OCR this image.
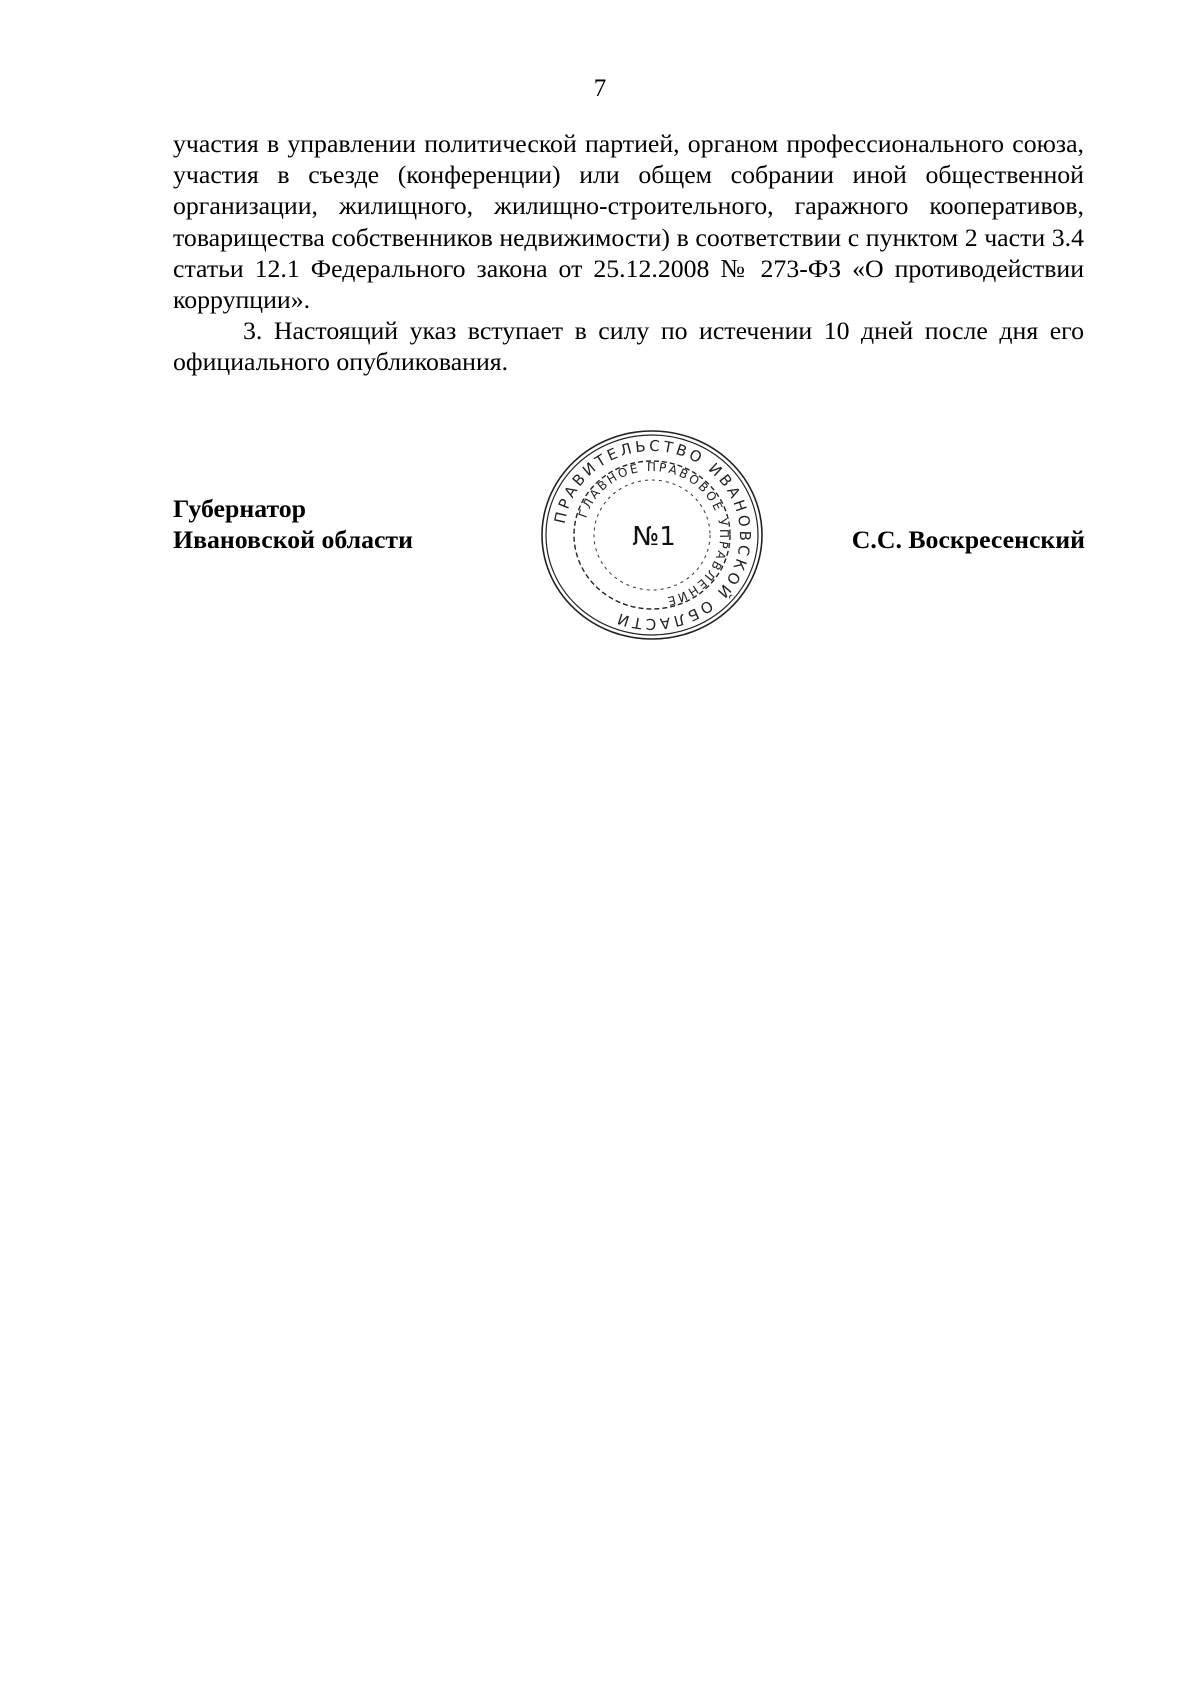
7

участия в управлении политической партией, органом профессионального союза, участия в съезде (конференции) или общем собрании иной общественной организации, жилищного, жилищно-строительного, гаражного кооперативов, товарищества собственников недвижимости) в соответствии с пунктом 2 части 3.4 статьи 12.1 Федерального закона от 25.12.2008 № 273-ФЗ «О противодействии коррупции».

3. Настоящий указ вступает в силу по истечении 10 дней после дня его официального опубликования.

Губернатор
Ивановской области
ПРАВИТЕЛЬСТВО ИВАНОВСКОЙ ОБЛАСТИ
ГЛАВНОЕ ПРАВОВОЕ УПРАВЛЕНИЕ
№1	С.С. Воскресенский
